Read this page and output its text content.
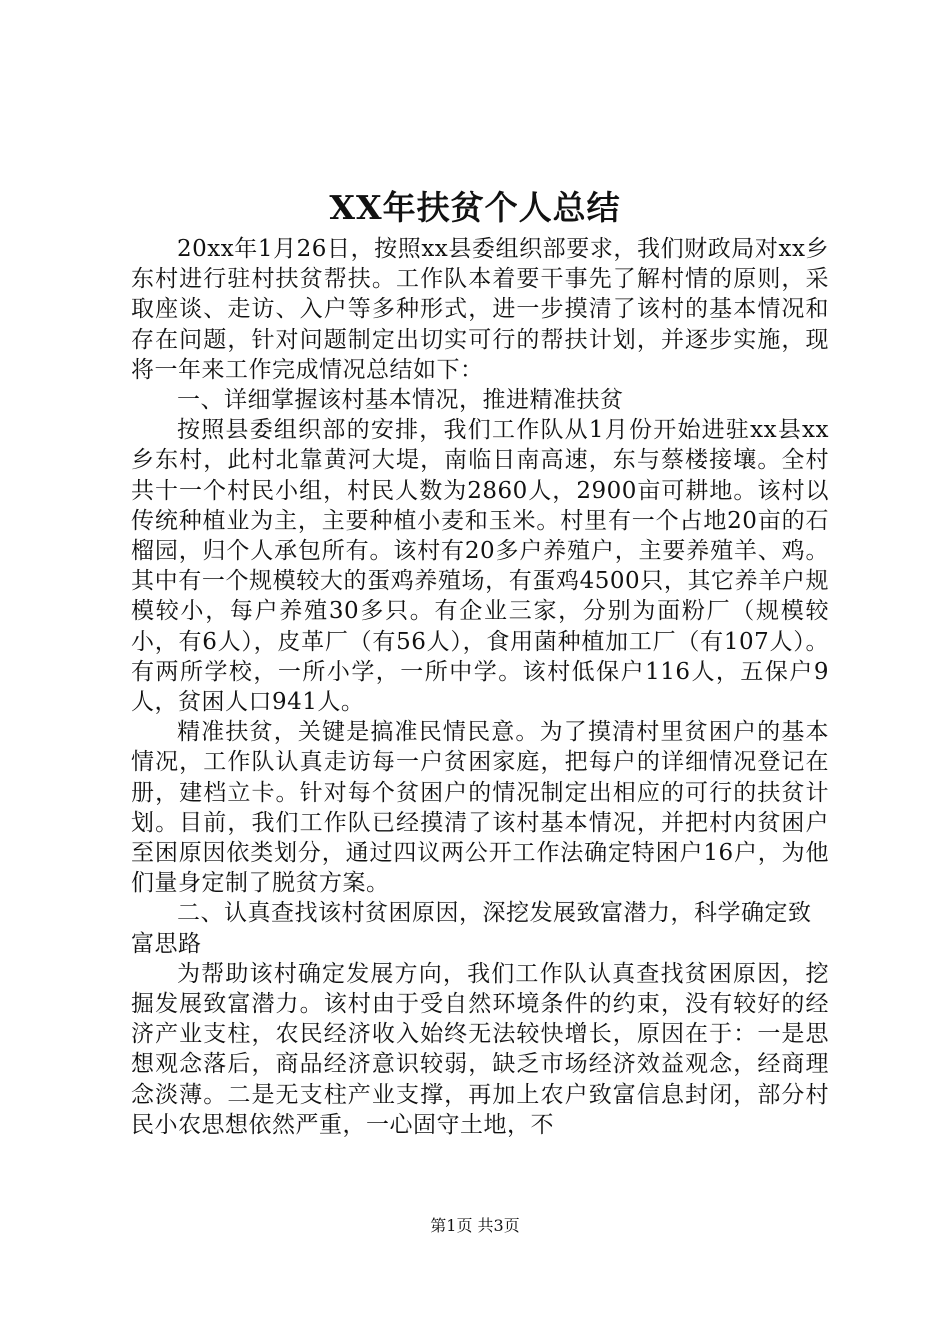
XX年扶贫个人总结

20xx年1月26日，按照xx县委组织部要求，我们财政局对xx乡东村进行驻村扶贫帮扶。工作队本着要干事先了解村情的原则，采取座谈、走访、入户等多种形式，进一步摸清了该村的基本情况和存在问题，针对问题制定出切实可行的帮扶计划，并逐步实施，现将一年来工作完成情况总结如下：

一、详细掌握该村基本情况，推进精准扶贫

按照县委组织部的安排，我们工作队从1月份开始进驻xx县xx乡东村，此村北靠黄河大堤，南临日南高速，东与蔡楼接壤。全村共十一个村民小组，村民人数为2860人，2900亩可耕地。该村以传统种植业为主，主要种植小麦和玉米。村里有一个占地20亩的石榴园，归个人承包所有。该村有20多户养殖户，主要养殖羊、鸡。其中有一个规模较大的蛋鸡养殖场，有蛋鸡4500只，其它养羊户规模较小，每户养殖30多只。有企业三家，分别为面粉厂（规模较小，有6人），皮革厂（有56人），食用菌种植加工厂（有107人）。有两所学校，一所小学，一所中学。该村低保户116人，五保户9人，贫困人口941人。

精准扶贫，关键是搞准民情民意。为了摸清村里贫困户的基本情况，工作队认真走访每一户贫困家庭，把每户的详细情况登记在册，建档立卡。针对每个贫困户的情况制定出相应的可行的扶贫计划。目前，我们工作队已经摸清了该村基本情况，并把村内贫困户至困原因依类划分，通过四议两公开工作法确定特困户16户，为他们量身定制了脱贫方案。

二、认真查找该村贫困原因，深挖发展致富潜力，科学确定致富思路

为帮助该村确定发展方向，我们工作队认真查找贫困原因，挖掘发展致富潜力。该村由于受自然环境条件的约束，没有较好的经济产业支柱，农民经济收入始终无法较快增长，原因在于：一是思想观念落后，商品经济意识较弱，缺乏市场经济效益观念，经商理念淡薄。二是无支柱产业支撑，再加上农户致富信息封闭，部分村民小农思想依然严重，一心固守土地，不

第1页 共3页
